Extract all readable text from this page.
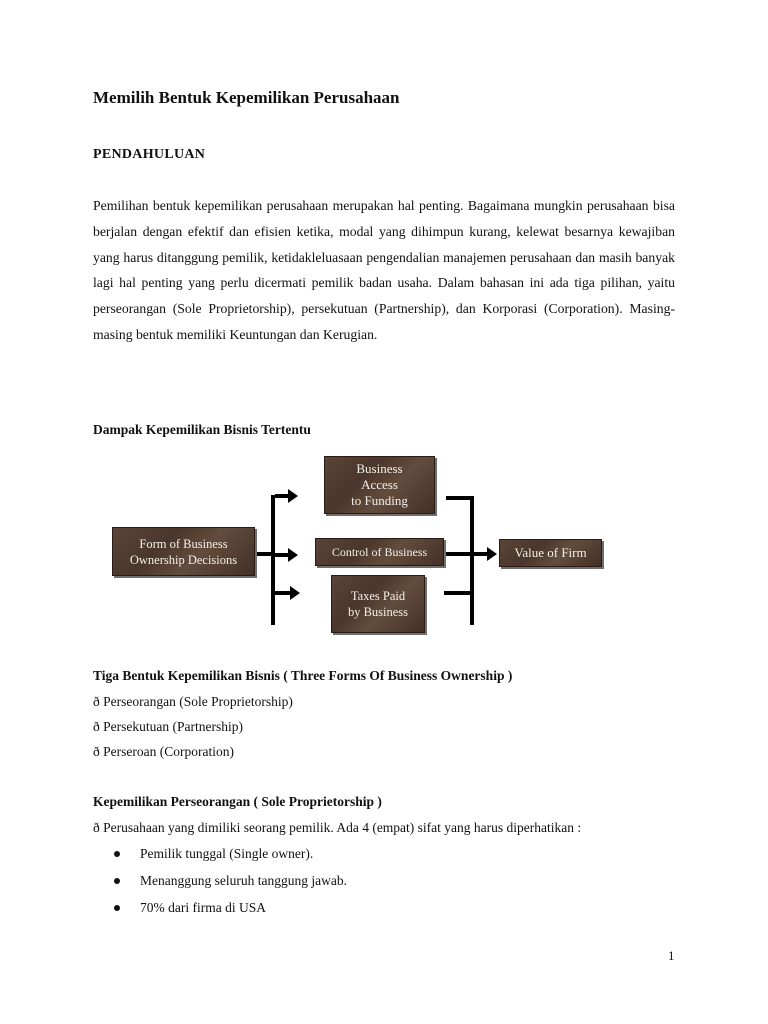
Memilih Bentuk Kepemilikan Perusahaan
PENDAHULUAN
Pemilihan bentuk kepemilikan perusahaan merupakan hal penting. Bagaimana mungkin perusahaan bisa berjalan dengan efektif dan efisien ketika, modal yang dihimpun kurang, kelewat besarnya kewajiban yang harus ditanggung pemilik, ketidakleluasaan pengendalian manajemen perusahaan dan masih banyak lagi hal penting yang perlu dicermati pemilik badan usaha. Dalam bahasan ini ada tiga pilihan, yaitu perseorangan (Sole Proprietorship), persekutuan (Partnership), dan Korporasi (Corporation). Masing-masing bentuk memiliki Keuntungan dan Kerugian.
Dampak Kepemilikan Bisnis Tertentu
Form of Business
Ownership Decisions
Business
Access
to Funding
Control of Business
Taxes Paid
by Business
Value of Firm
Tiga Bentuk Kepemilikan Bisnis ( Three Forms Of Business Ownership )
ð Perseorangan (Sole Proprietorship)
ð Persekutuan (Partnership)
ð Perseroan (Corporation)
Kepemilikan Perseorangan ( Sole Proprietorship )
ð Perusahaan yang dimiliki seorang pemilik. Ada 4 (empat) sifat yang harus diperhatikan :
Pemilik tunggal (Single owner).
Menanggung seluruh tanggung jawab.
70% dari firma di USA
1
